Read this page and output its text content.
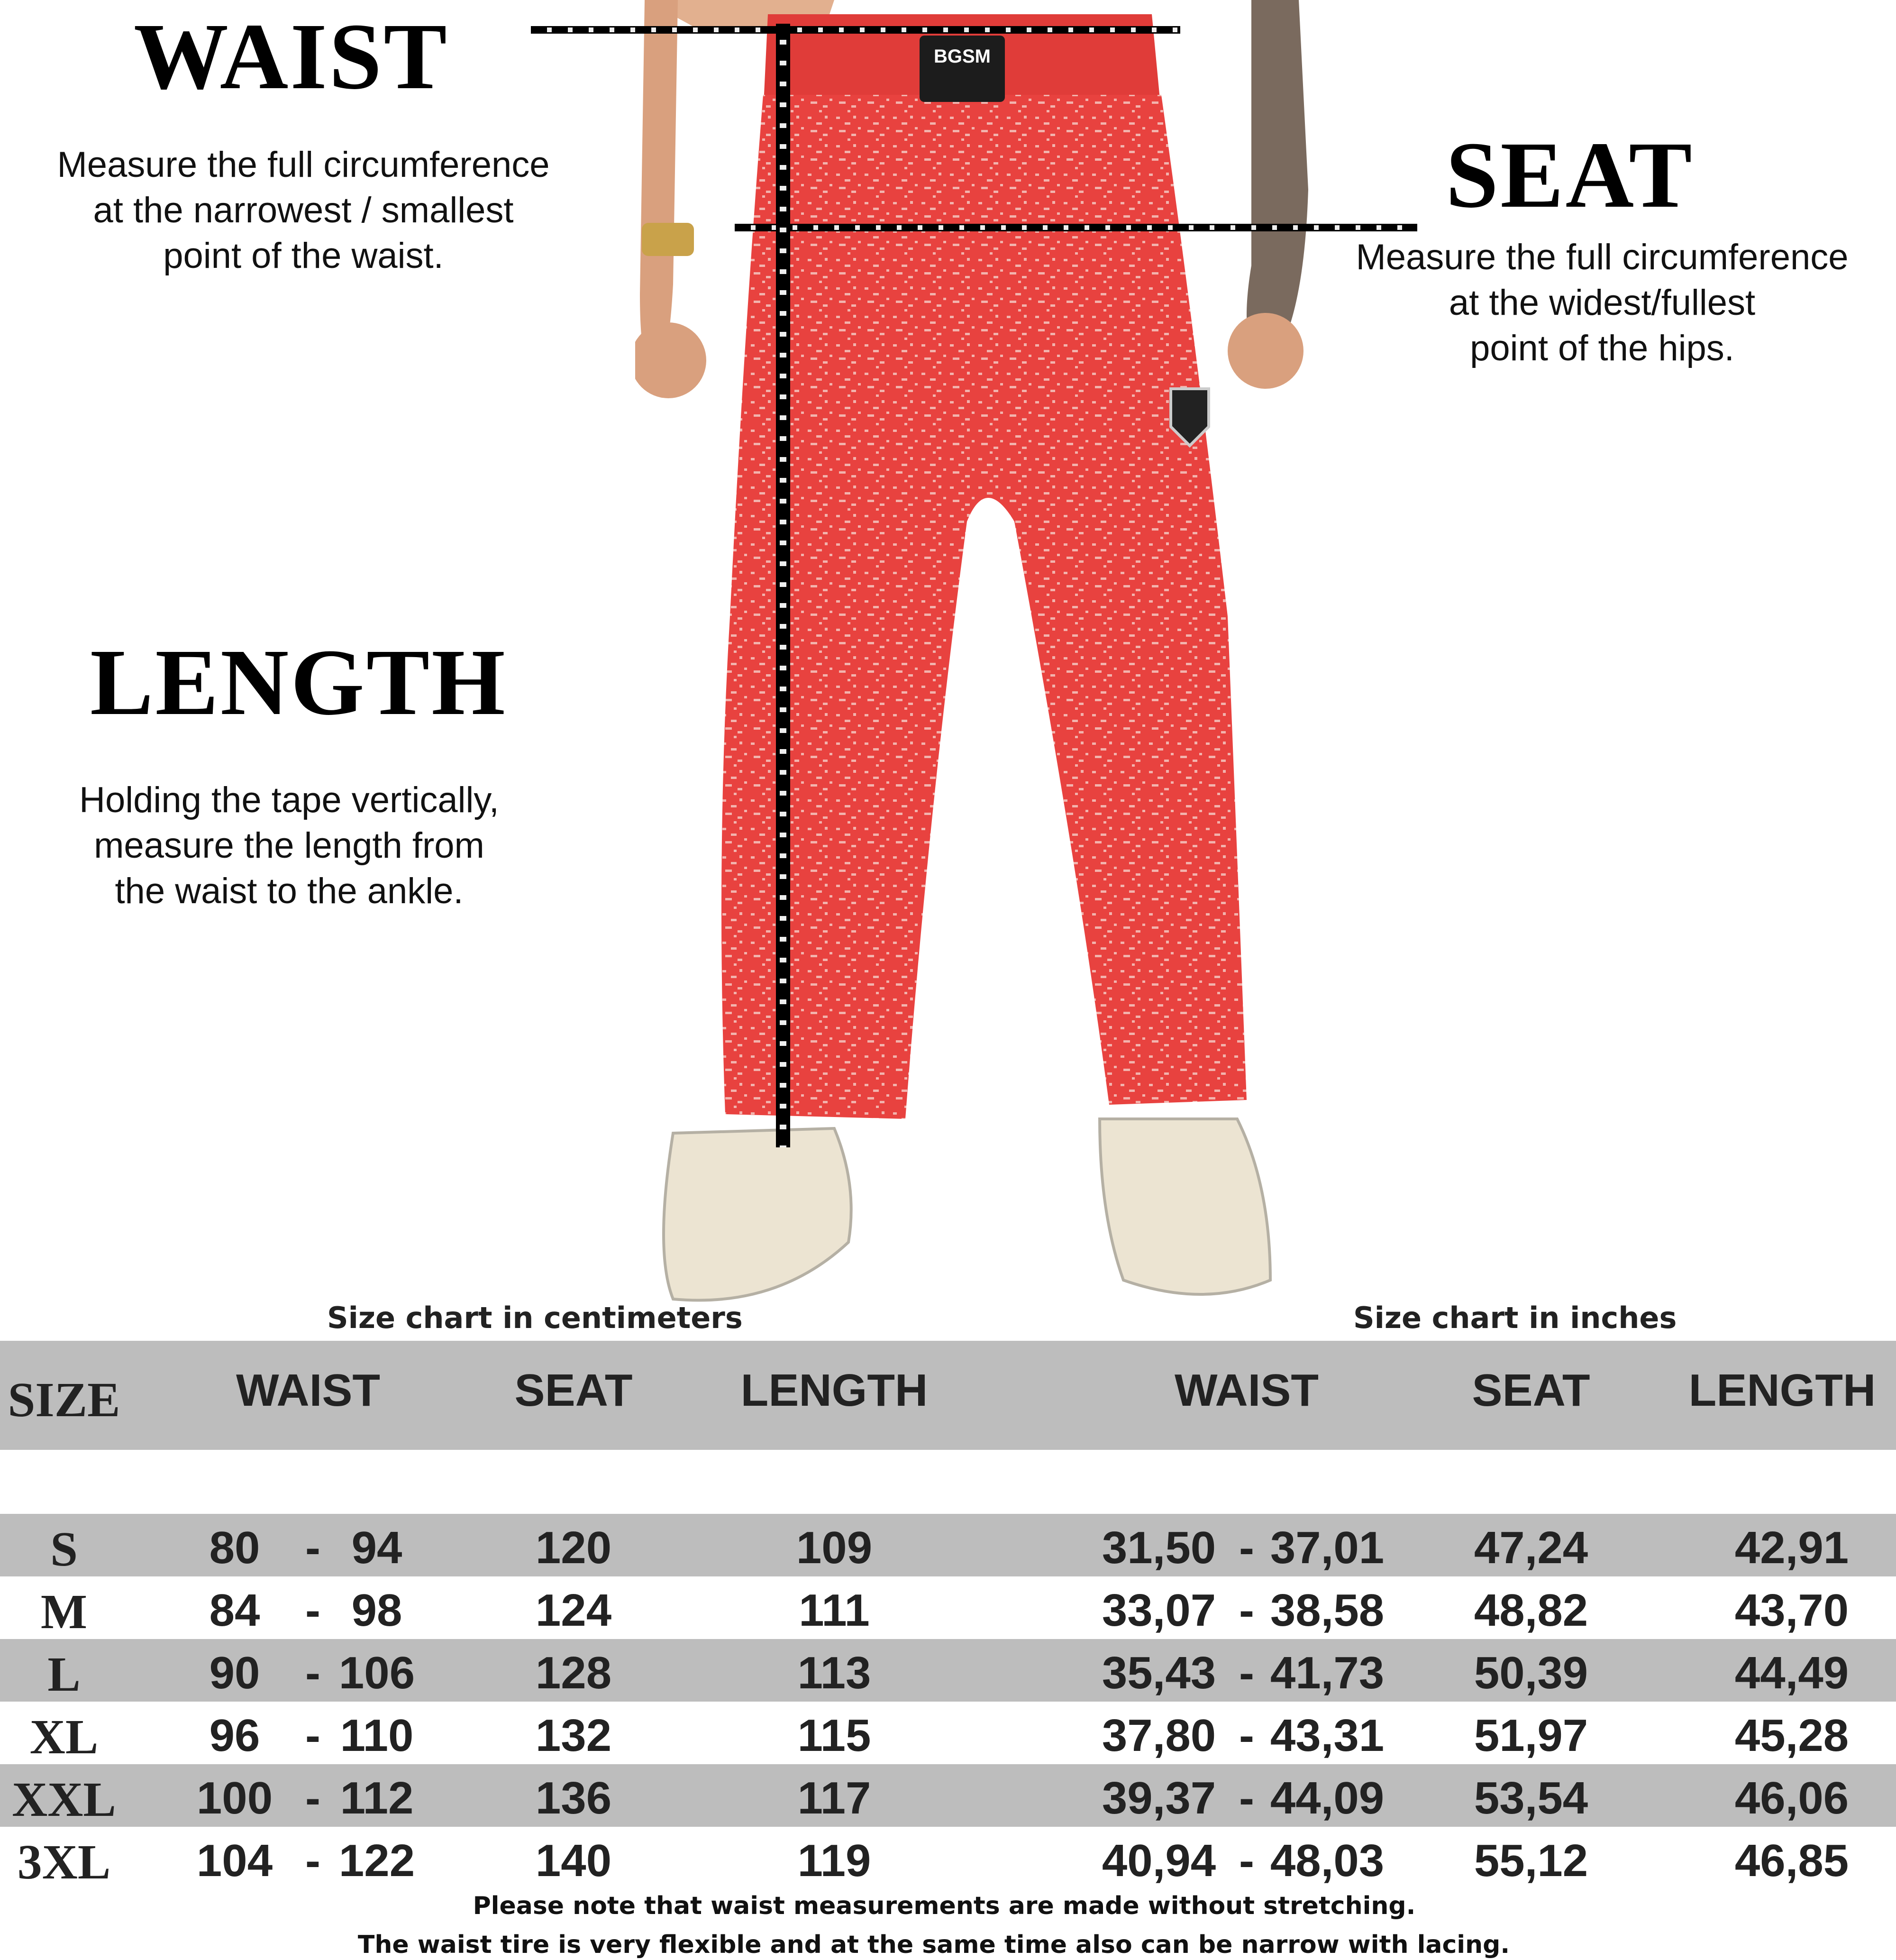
WAIST
Measure the full circumference
at the narrowest / smallest
point of the waist.
SEAT
Measure the full circumference
at the widest/fullest
point of the hips.
LENGTH
Holding the tape vertically,
measure the length from
the waist to the ankle.
BGSM
Size chart in centimeters	Size chart in inches
SIZE	WAIST	SEAT	LENGTH	WAIST	SEAT	LENGTH
S	80 - 94	120	109	31,50 - 37,01	47,24	42,91
M	84 - 98	124	111	33,07 - 38,58	48,82	43,70
L	90 - 106	128	113	35,43 - 41,73	50,39	44,49
XL	96 - 110	132	115	37,80 - 43,31	51,97	45,28
XXL 100 - 112	136	117	39,37 - 44,09	53,54	46,06
3XL 104 - 122	140	119	40,94 - 48,03	55,12	46,85
Please note that waist measurements are made without stretching.
The waist tire is very flexible and at the same time also can be narrow with lacing.
